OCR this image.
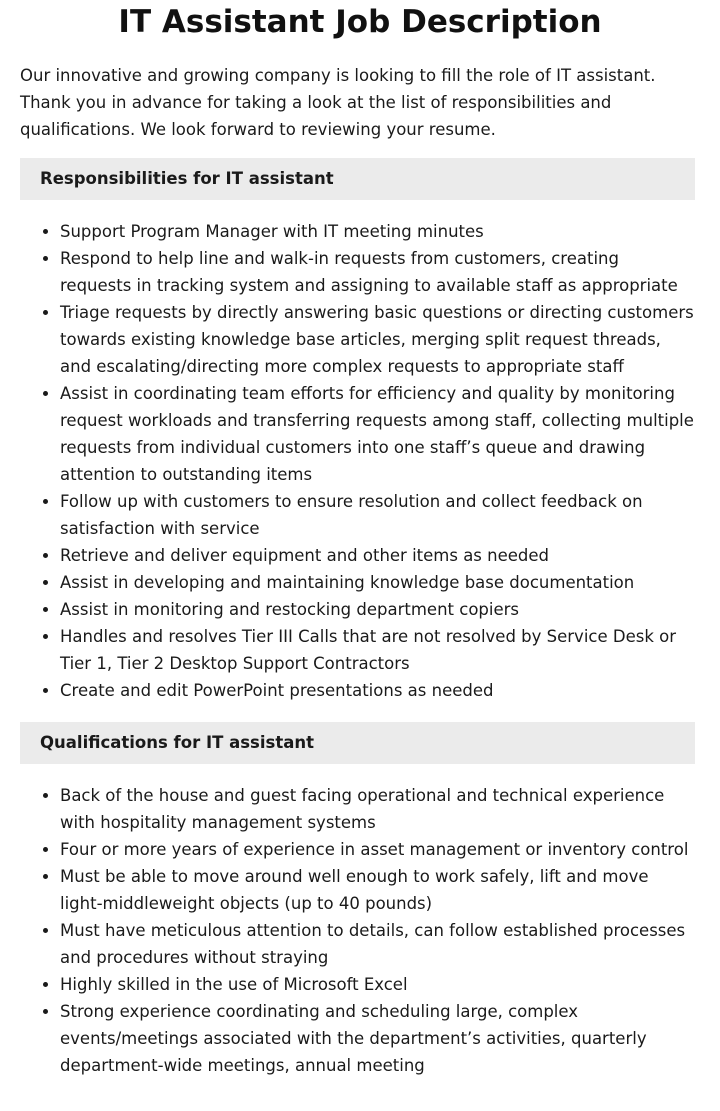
IT Assistant Job Description

Our innovative and growing company is looking to fill the role of IT assistant. Thank you in advance for taking a look at the list of responsibilities and qualifications. We look forward to reviewing your resume.

Responsibilities for IT assistant
Support Program Manager with IT meeting minutes
Respond to help line and walk-in requests from customers, creating requests in tracking system and assigning to available staff as appropriate
Triage requests by directly answering basic questions or directing customers towards existing knowledge base articles, merging split request threads, and escalating/directing more complex requests to appropriate staff
Assist in coordinating team efforts for efficiency and quality by monitoring request workloads and transferring requests among staff, collecting multiple requests from individual customers into one staff’s queue and drawing attention to outstanding items
Follow up with customers to ensure resolution and collect feedback on satisfaction with service
Retrieve and deliver equipment and other items as needed
Assist in developing and maintaining knowledge base documentation
Assist in monitoring and restocking department copiers
Handles and resolves Tier III Calls that are not resolved by Service Desk or Tier 1, Tier 2 Desktop Support Contractors
Create and edit PowerPoint presentations as needed
Qualifications for IT assistant
Back of the house and guest facing operational and technical experience with hospitality management systems
Four or more years of experience in asset management or inventory control
Must be able to move around well enough to work safely, lift and move light-middleweight objects (up to 40 pounds)
Must have meticulous attention to details, can follow established processes and procedures without straying
Highly skilled in the use of Microsoft Excel
Strong experience coordinating and scheduling large, complex events/meetings associated with the department’s activities, quarterly department-wide meetings, annual meeting
